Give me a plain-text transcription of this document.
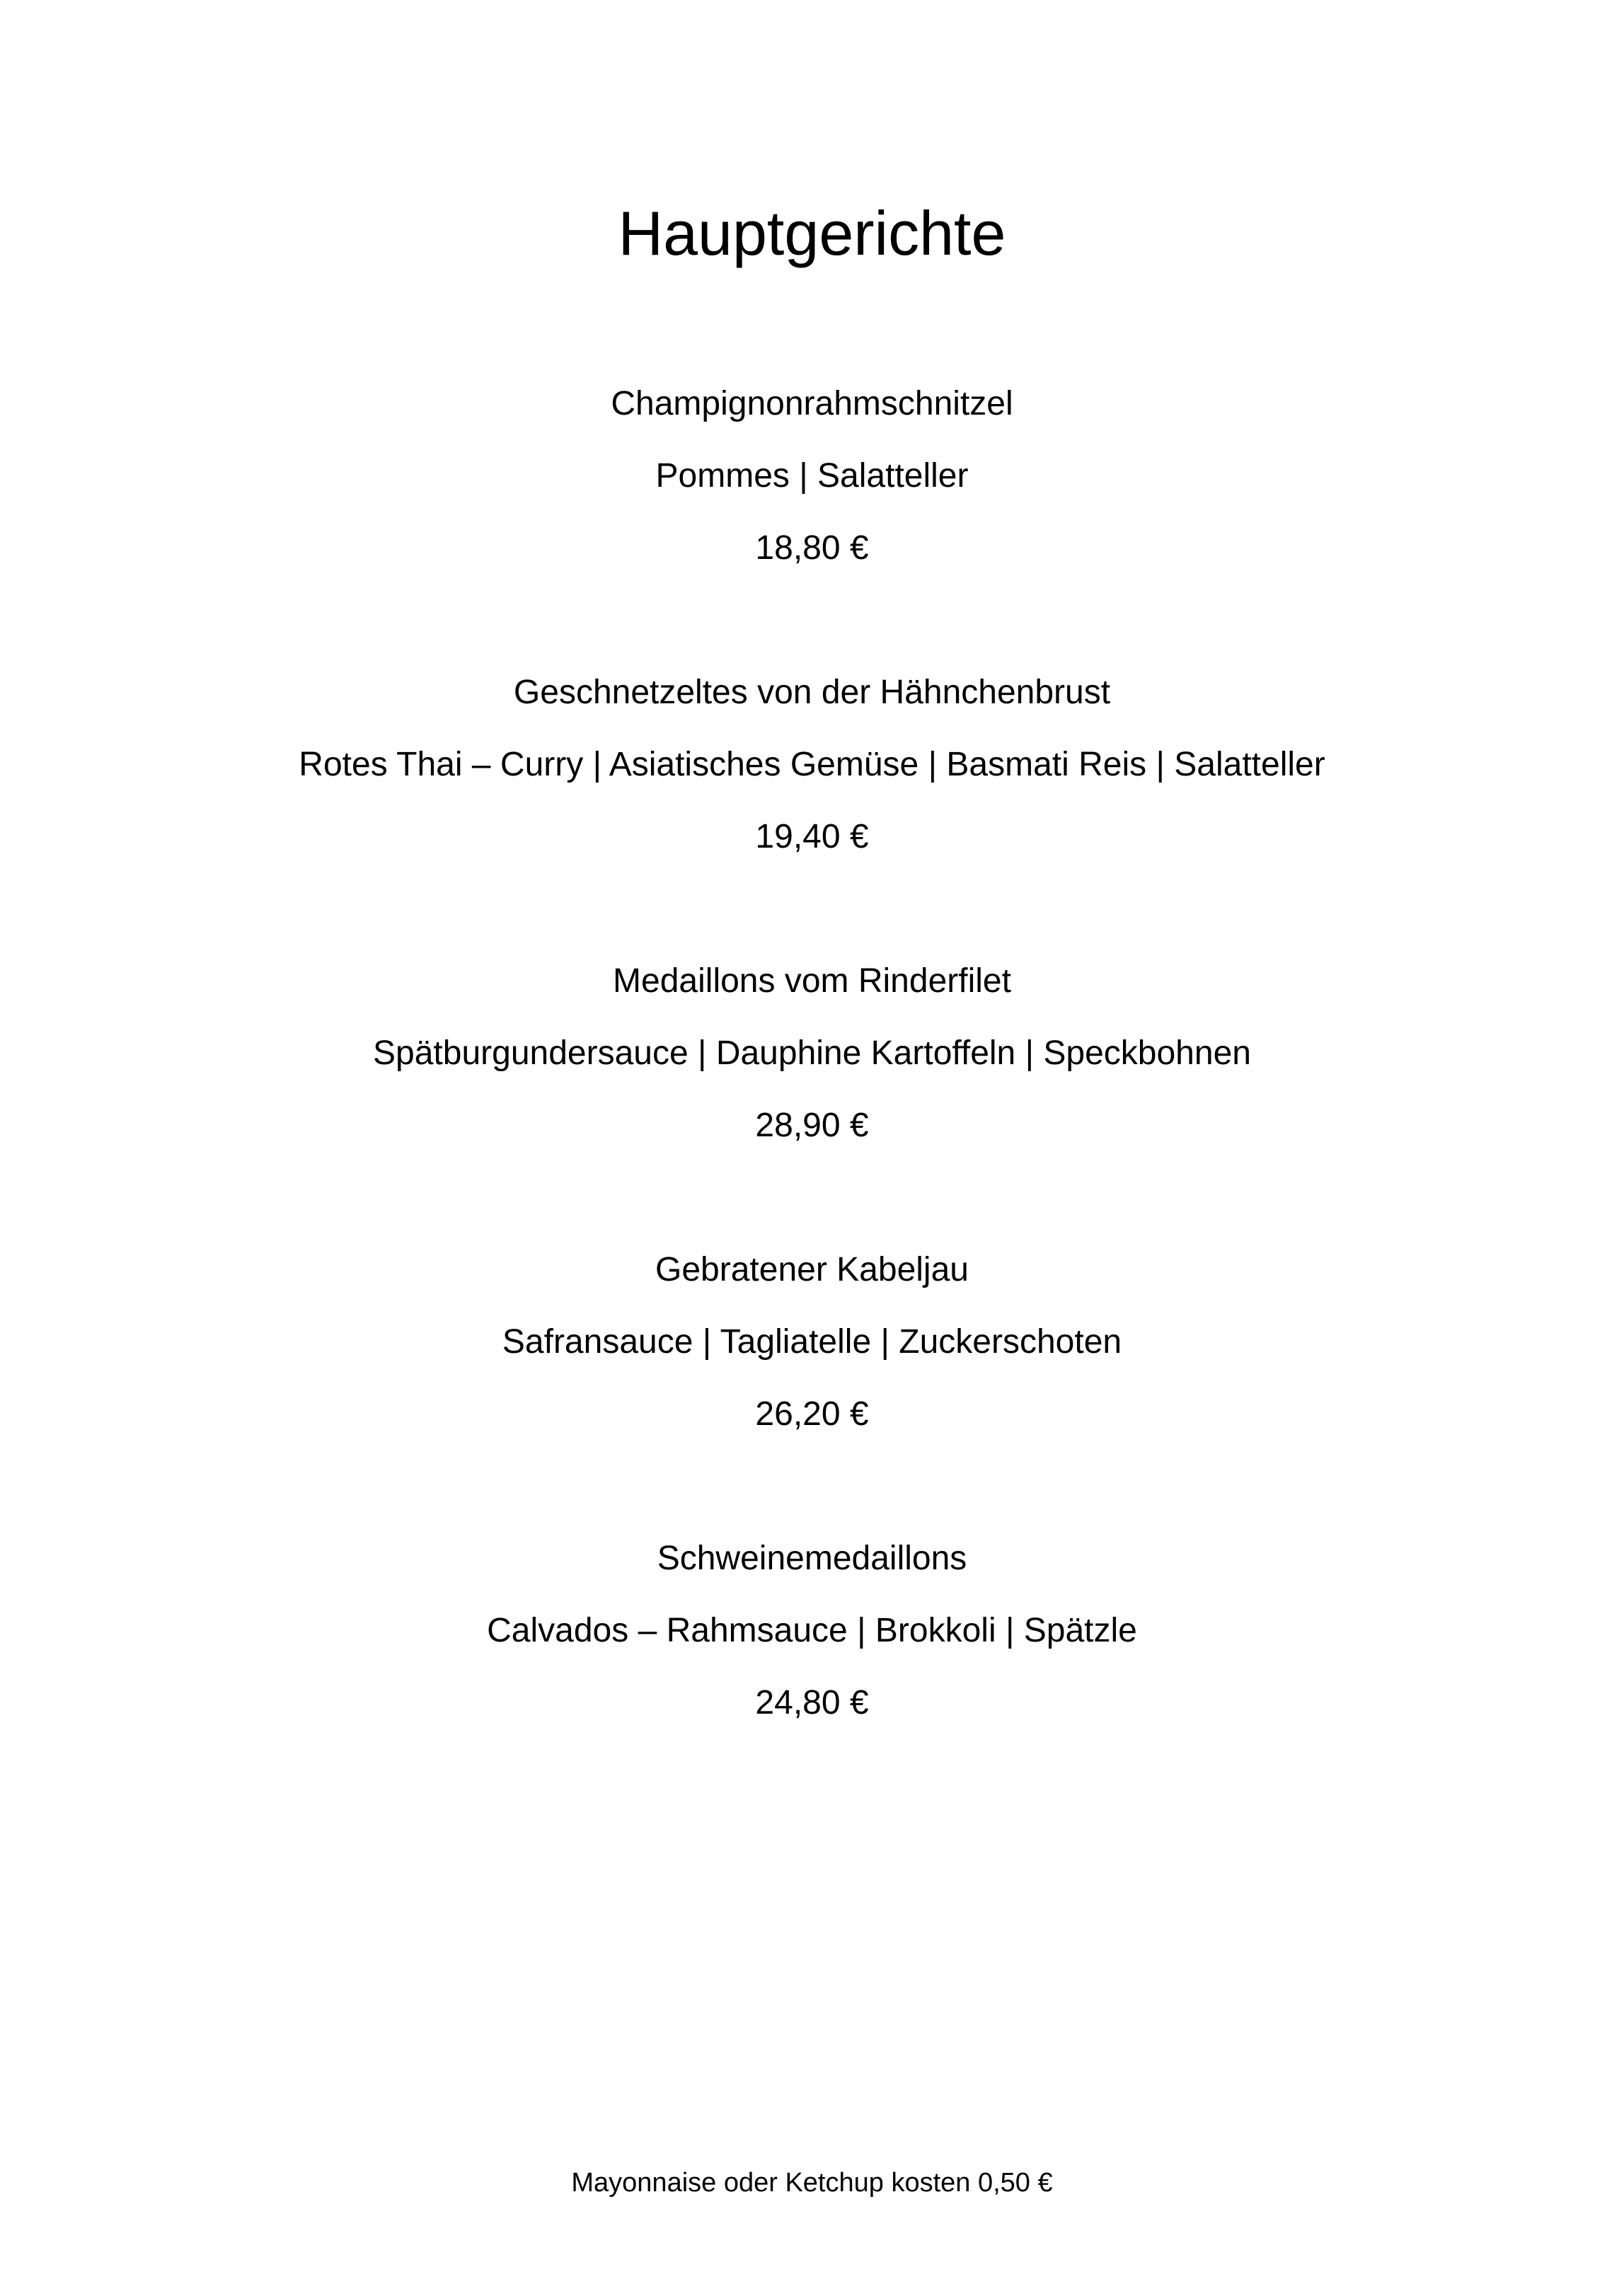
Hauptgerichte
Champignonrahmschnitzel
Pommes | Salatteller
18,80 €
Geschnetzeltes von der Hähnchenbrust
Rotes Thai – Curry | Asiatisches Gemüse | Basmati Reis | Salatteller
19,40 €
Medaillons vom Rinderfilet
Spätburgundersauce | Dauphine Kartoffeln | Speckbohnen
28,90 €
Gebratener Kabeljau
Safransauce | Tagliatelle | Zuckerschoten
26,20 €
Schweinemedaillons
Calvados – Rahmsauce | Brokkoli | Spätzle
24,80 €
Mayonnaise oder Ketchup kosten 0,50 €
